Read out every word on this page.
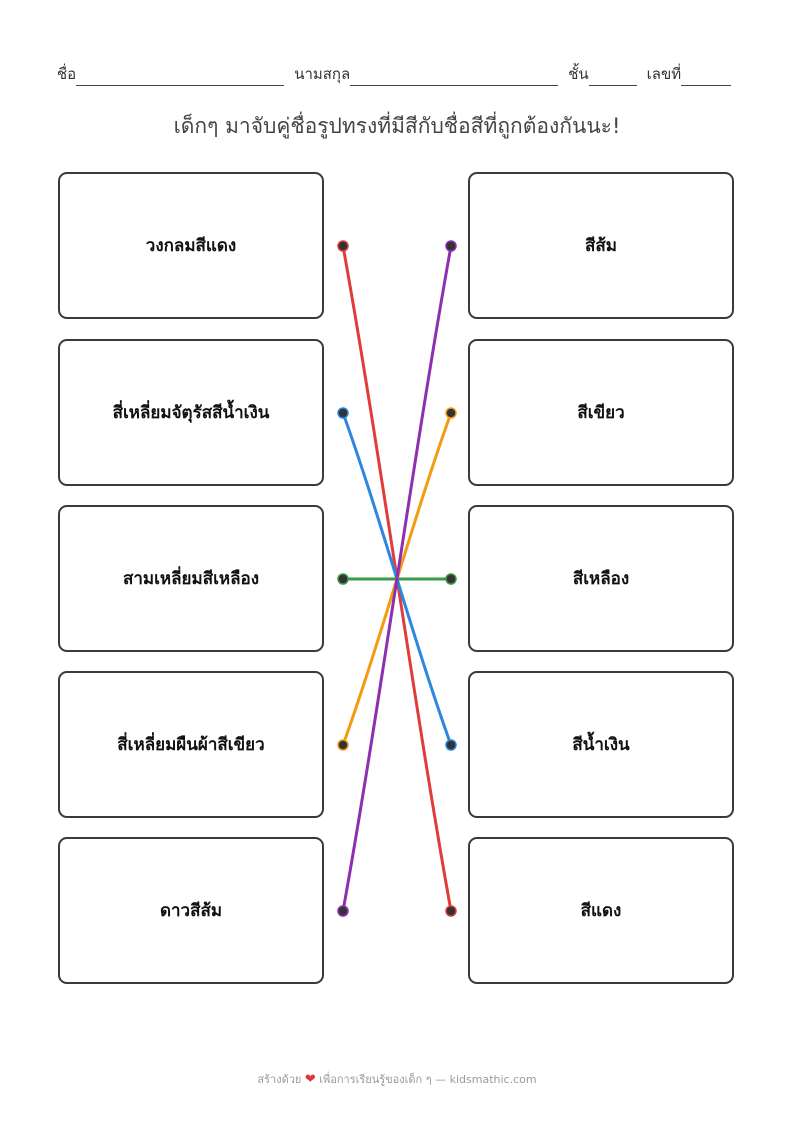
ชื่อ	นามสกุล	ชั้น	เลขที่
เด็กๆ มาจับคู่ชื่อรูปทรงที่มีสีกับชื่อสีที่ถูกต้องกันนะ!
วงกลมสีแดง
สี่เหลี่ยมจัตุรัสสีน้ำเงิน
สามเหลี่ยมสีเหลือง
สี่เหลี่ยมผืนผ้าสีเขียว
ดาวสีส้ม
สีส้ม
สีเขียว
สีเหลือง
สีน้ำเงิน
สีแดง
สร้างด้วย ❤ เพื่อการเรียนรู้ของเด็ก ๆ — kidsmathic.com
